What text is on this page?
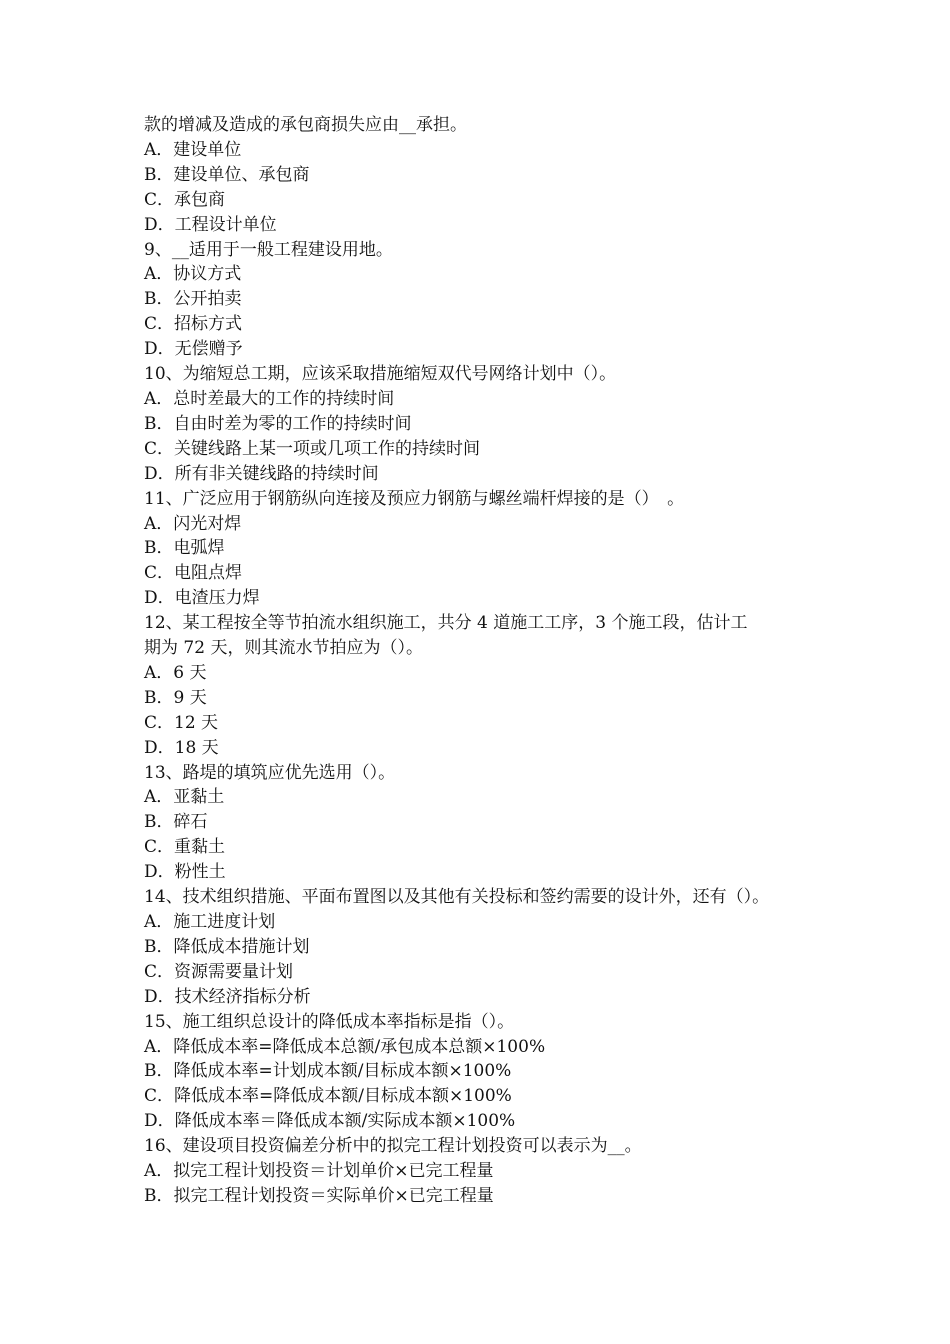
款的增减及造成的承包商损失应由__承担。
A．建设单位
B．建设单位、承包商
C．承包商
D．工程设计单位
9、__适用于一般工程建设用地。
A．协议方式
B．公开拍卖
C．招标方式
D．无偿赠予
10、为缩短总工期，应该采取措施缩短双代号网络计划中（）。
A．总时差最大的工作的持续时间
B．自由时差为零的工作的持续时间
C．关键线路上某一项或几项工作的持续时间
D．所有非关键线路的持续时间
11、广泛应用于钢筋纵向连接及预应力钢筋与螺丝端杆焊接的是（）　。
A．闪光对焊
B．电弧焊
C．电阻点焊
D．电渣压力焊
12、某工程按全等节拍流水组织施工，共分 4 道施工工序，3 个施工段，估计工
期为 72 天，则其流水节拍应为（）。
A．6 天
B．9 天
C．12 天
D．18 天
13、路堤的填筑应优先选用（）。
A．亚黏土
B．碎石
C．重黏土
D．粉性土
14、技术组织措施、平面布置图以及其他有关投标和签约需要的设计外，还有（）。
A．施工进度计划
B．降低成本措施计划
C．资源需要量计划
D．技术经济指标分析
15、施工组织总设计的降低成本率指标是指（）。
A．降低成本率=降低成本总额/承包成本总额×100%
B．降低成本率=计划成本额/目标成本额×100%
C．降低成本率=降低成本额/目标成本额×100%
D．降低成本率＝降低成本额/实际成本额×100%
16、建设项目投资偏差分析中的拟完工程计划投资可以表示为__。
A．拟完工程计划投资＝计划单价×已完工程量
B．拟完工程计划投资＝实际单价×已完工程量
